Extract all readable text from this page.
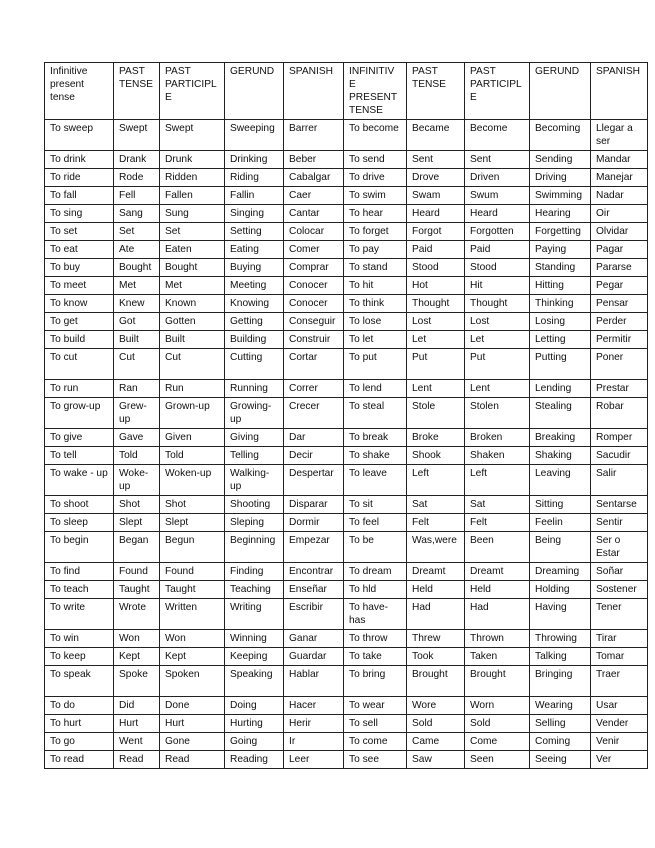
Infinitive present tense	PAST TENSE	PAST PARTICIPLE	GERUND	SPANISH	INFINITIVE PRESENT TENSE	PAST TENSE	PAST PARTICIPLE	GERUND	SPANISH
To sweep	Swept	Swept	Sweeping	Barrer	To become	Became	Become	Becoming	Llegar a ser
To drink	Drank	Drunk	Drinking	Beber	To send	Sent	Sent	Sending	Mandar
To ride	Rode	Ridden	Riding	Cabalgar	To drive	Drove	Driven	Driving	Manejar
To fall	Fell	Fallen	Fallin	Caer	To swim	Swam	Swum	Swimming	Nadar
To sing	Sang	Sung	Singing	Cantar	To hear	Heard	Heard	Hearing	Oir
To set	Set	Set	Setting	Colocar	To forget	Forgot	Forgotten	Forgetting	Olvidar
To eat	Ate	Eaten	Eating	Comer	To pay	Paid	Paid	Paying	Pagar
To buy	Bought	Bought	Buying	Comprar	To stand	Stood	Stood	Standing	Pararse
To meet	Met	Met	Meeting	Conocer	To hit	Hot	Hit	Hitting	Pegar
To know	Knew	Known	Knowing	Conocer	To think	Thought	Thought	Thinking	Pensar
To get	Got	Gotten	Getting	Conseguir	To lose	Lost	Lost	Losing	Perder
To build	Built	Built	Building	Construir	To let	Let	Let	Letting	Permitir
To cut	Cut	Cut	Cutting	Cortar	To put	Put	Put	Putting	Poner
To run	Ran	Run	Running	Correr	To lend	Lent	Lent	Lending	Prestar
To grow-up	Grew-up	Grown-up	Growing-up	Crecer	To steal	Stole	Stolen	Stealing	Robar
To give	Gave	Given	Giving	Dar	To break	Broke	Broken	Breaking	Romper
To tell	Told	Told	Telling	Decir	To shake	Shook	Shaken	Shaking	Sacudir
To wake - up	Woke-up	Woken-up	Walking-up	Despertar	To leave	Left	Left	Leaving	Salir
To shoot	Shot	Shot	Shooting	Disparar	To sit	Sat	Sat	Sitting	Sentarse
To sleep	Slept	Slept	Sleping	Dormir	To feel	Felt	Felt	Feelin	Sentir
To begin	Began	Begun	Beginning	Empezar	To be	Was,were	Been	Being	Ser o Estar
To find	Found	Found	Finding	Encontrar	To dream	Dreamt	Dreamt	Dreaming	Soñar
To teach	Taught	Taught	Teaching	Enseñar	To hld	Held	Held	Holding	Sostener
To write	Wrote	Written	Writing	Escribir	To have-has	Had	Had	Having	Tener
To win	Won	Won	Winning	Ganar	To throw	Threw	Thrown	Throwing	Tirar
To keep	Kept	Kept	Keeping	Guardar	To take	Took	Taken	Talking	Tomar
To speak	Spoke	Spoken	Speaking	Hablar	To bring	Brought	Brought	Bringing	Traer
To do	Did	Done	Doing	Hacer	To wear	Wore	Worn	Wearing	Usar
To hurt	Hurt	Hurt	Hurting	Herir	To sell	Sold	Sold	Selling	Vender
To go	Went	Gone	Going	Ir	To come	Came	Come	Coming	Venir
To read	Read	Read	Reading	Leer	To see	Saw	Seen	Seeing	Ver
